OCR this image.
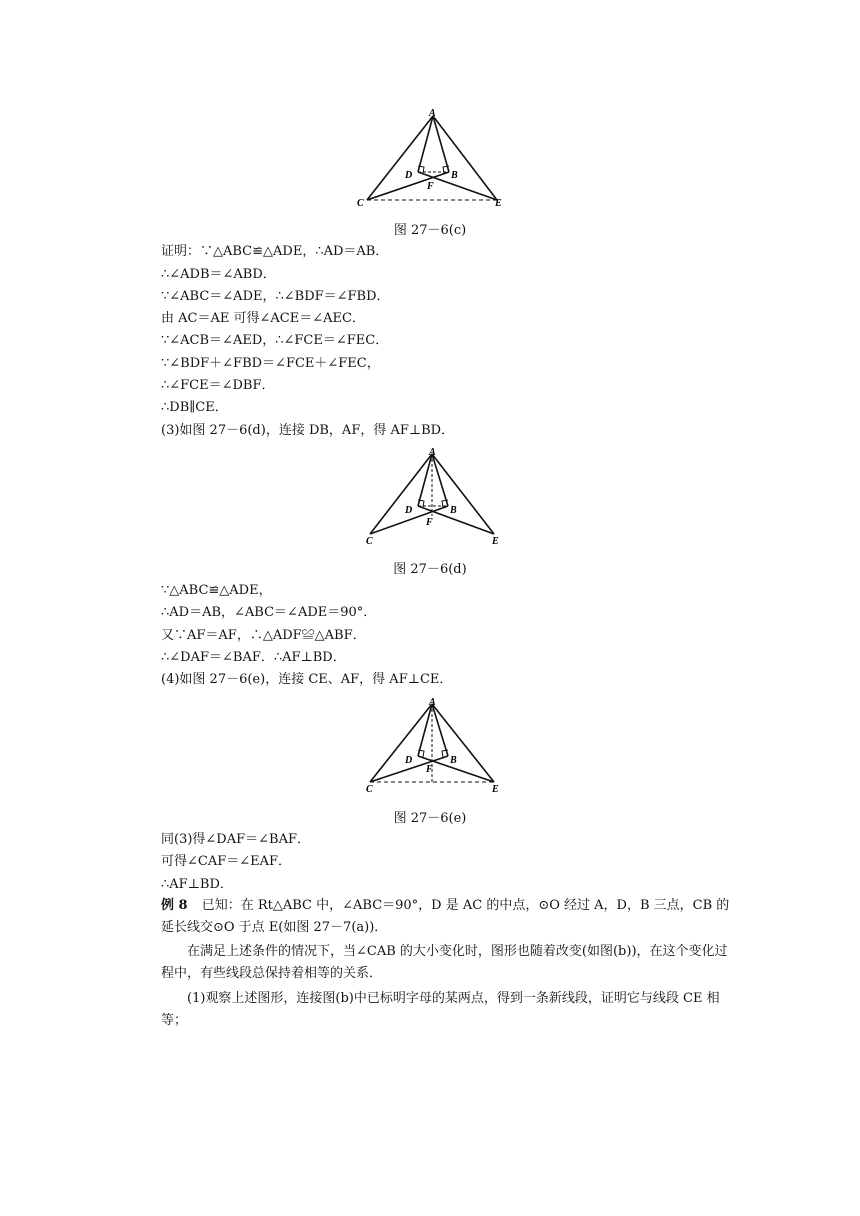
A
D	B
F
C	E
图 27－6(c)
证明：∵△ABC≌△ADE，∴AD＝AB．
∴∠ADB＝∠ABD．
∵∠ABC＝∠ADE，∴∠BDF＝∠FBD．
由 AC＝AE 可得∠ACE＝∠AEC．
∵∠ACB＝∠AED，∴∠FCE＝∠FEC．
∵∠BDF＋∠FBD＝∠FCE＋∠FEC，
∴∠FCE＝∠DBF．
∴DB∥CE．
(3)如图 27－6(d)，连接 DB，AF，得 AF⊥BD．
A
D	B
F
C	E
图 27－6(d)
∵△ABC≌△ADE，
∴AD＝AB，∠ABC＝∠ADE＝90°．
又∵AF＝AF，∴△ADF≌△ABF．
∴∠DAF＝∠BAF．∴AF⊥BD．
(4)如图 27－6(e)，连接 CE、AF，得 AF⊥CE．
A
D	B
F
C	E
图 27－6(e)
同(3)得∠DAF＝∠BAF．
可得∠CAF＝∠EAF．
∴AF⊥BD．
例 8 已知：在 Rt△ABC 中，∠ABC＝90°，D 是 AC 的中点，⊙O 经过 A，D，B 三点，CB 的延长线交⊙O 于点 E(如图 27－7(a))．
在满足上述条件的情况下，当∠CAB 的大小变化时，图形也随着改变(如图(b))，在这个变化过程中，有些线段总保持着相等的关系．
(1)观察上述图形，连接图(b)中已标明字母的某两点，得到一条新线段，证明它与线段 CE 相等；
